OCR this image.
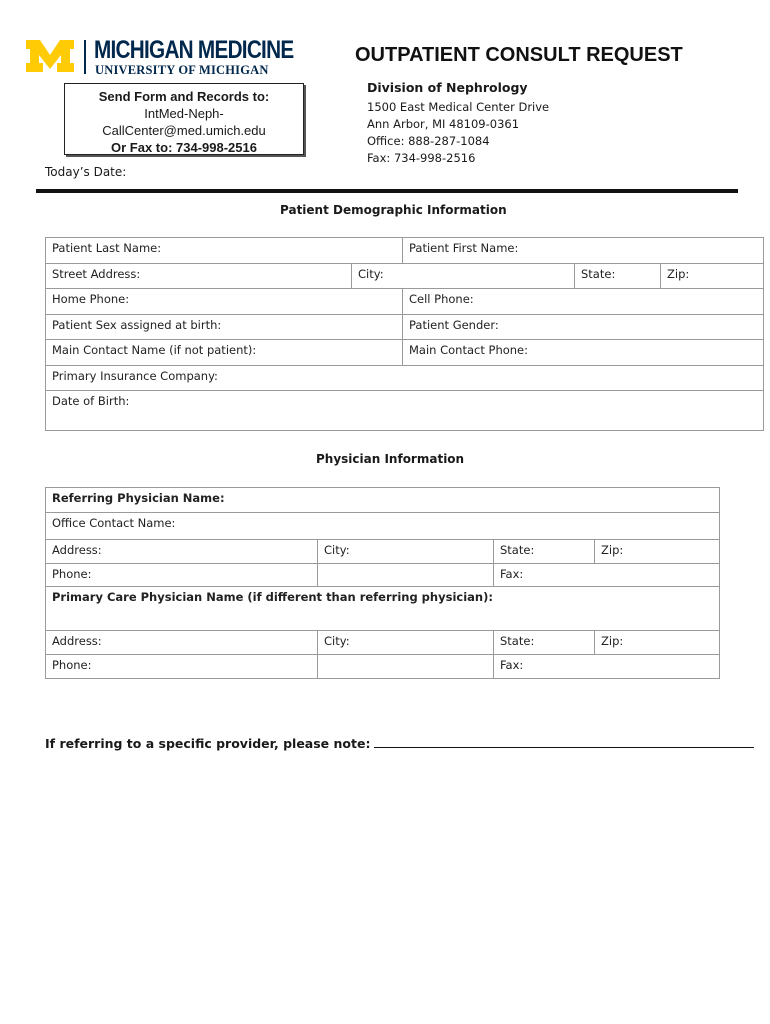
MICHIGAN MEDICINE
UNIVERSITY OF MICHIGAN
OUTPATIENT CONSULT REQUEST
Send Form and Records to:
IntMed-Neph-
CallCenter@med.umich.edu
Or Fax to: 734-998-2516
Division of Nephrology
1500 East Medical Center Drive
Ann Arbor, MI 48109-0361
Office: 888-287-1084
Fax: 734-998-2516
Today’s Date:
Patient Demographic Information
Patient Last Name:		Patient First Name:		
Street Address:	City:		State:	Zip:
Home Phone:		Cell Phone:		
Patient Sex assigned at birth:		Patient Gender:		
Main Contact Name (if not patient):		Main Contact Phone:		
Primary Insurance Company:				
Date of Birth:				
Physician Information
Referring Physician Name:			
Office Contact Name:			
Address:	City:	State:	Zip:
Phone:		Fax:	
Primary Care Physician Name (if different than referring physician):			
Address:	City:	State:	Zip:
Phone:		Fax:	
If referring to a specific provider, please note:
